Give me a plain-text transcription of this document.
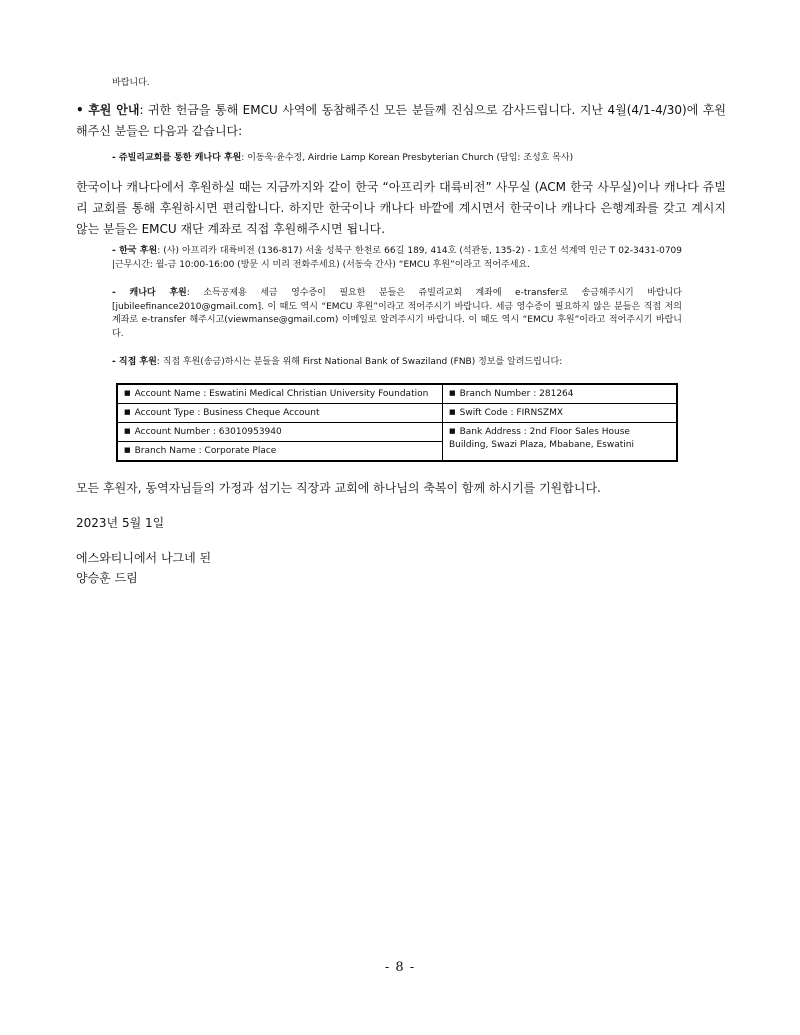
바랍니다.
• 후원 안내: 귀한 헌금을 통해 EMCU 사역에 동참해주신 모든 분들께 진심으로 감사드립니다. 지난 4월(4/1-4/30)에 후원해주신 분들은 다음과 같습니다:
- 쥬빌리교회를 통한 캐나다 후원: 이동욱·윤수정, Airdrie Lamp Korean Presbyterian Church (담임: 조성호 목사)
한국이나 캐나다에서 후원하실 때는 지금까지와 같이 한국 “아프리카 대륙비전” 사무실 (ACM 한국 사무실)이나 캐나다 쥬빌리 교회를 통해 후원하시면 편리합니다. 하지만 한국이나 캐나다 바깥에 계시면서 한국이나 캐나다 은행계좌를 갖고 계시지 않는 분들은 EMCU 재단 계좌로 직접 후원해주시면 됩니다.
- 한국 후원: (사) 아프리카 대륙비전 (136-817) 서울 성북구 한천로 66길 189, 414호 (석관동, 135-2) - 1호선 석계역 인근 T 02-3431-0709 |근무시간: 월-금 10:00-16:00 (방문 시 미리 전화주세요) (서동숙 간사) “EMCU 후원”이라고 적어주세요.
- 캐나다 후원: 소득공제용 세금 영수증이 필요한 분들은 쥬빌리교회 계좌에 e-transfer로 송금해주시기 바랍니다 [jubileefinance2010@gmail.com]. 이 때도 역시 “EMCU 후원”이라고 적어주시기 바랍니다. 세금 영수증이 필요하지 않은 분들은 직접 저의 계좌로 e-transfer 해주시고(viewmanse@gmail.com) 이메일로 알려주시기 바랍니다. 이 때도 역시 “EMCU 후원”이라고 적어주시기 바랍니다.
- 직접 후원: 직접 후원(송금)하시는 분들을 위해 First National Bank of Swaziland (FNB) 정보를 알려드립니다:
■ Account Name : Eswatini Medical Christian University Foundation	■ Branch Number : 281264
■ Account Type : Business Cheque Account	■ Swift Code : FIRNSZMX
■ Account Number : 63010953940	■ Bank Address : 2nd Floor Sales House Building, Swazi Plaza, Mbabane, Eswatini
■ Branch Name : Corporate Place	
모든 후원자, 동역자님들의 가정과 섬기는 직장과 교회에 하나님의 축복이 함께 하시기를 기원합니다.
2023년 5월 1일
에스와티니에서 나그네 된
양승훈 드림
- 8 -
